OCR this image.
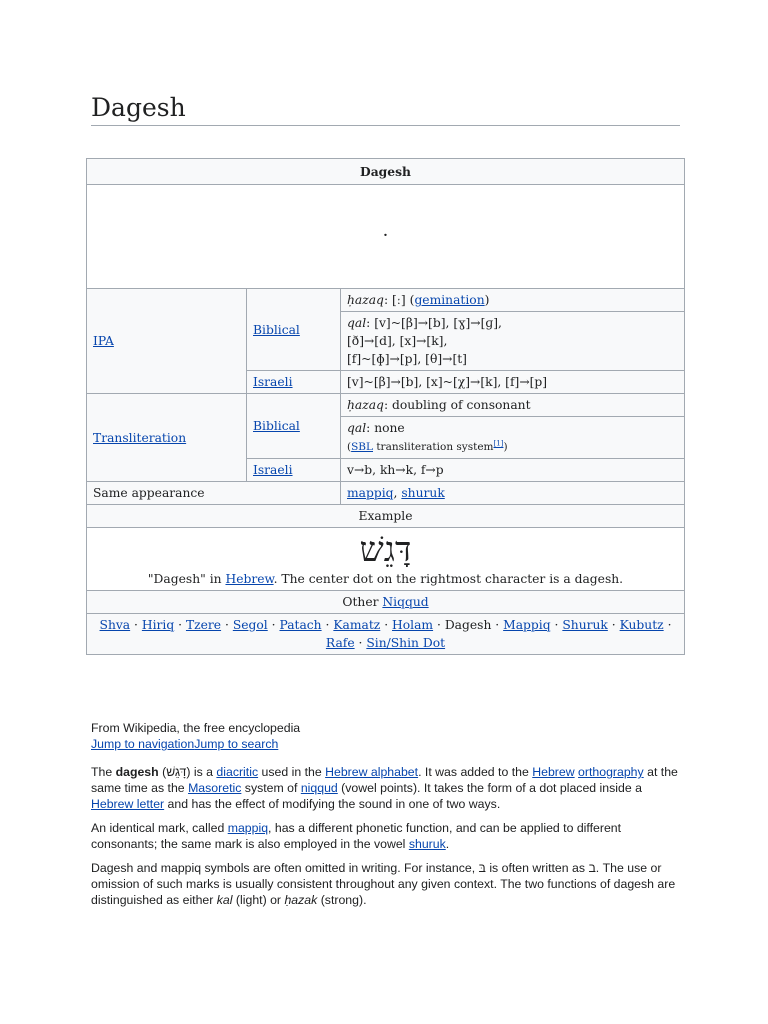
Dagesh
Dagesh		
·		
IPA	Biblical	ḥazaq: [ː] (gemination)
		qal: [v]~[β]→[b], [ɣ]→[ɡ],
[ð]→[d], [x]→[k],
[f]~[ɸ]→[p], [θ]→[t]
	Israeli	[v]~[β]→[b], [x]~[χ]→[k], [f]→[p]
Transliteration	Biblical	ḥazaq: doubling of consonant
		qal: none
(SBL transliteration system[1])
	Israeli	v→b, kh→k, f→p
Same appearance		mappiq, shuruk
Example		

דָּגֵשׁ
"Dagesh" in Hebrew. The center dot on the rightmost character is a dagesh.		

Other Niqqud		
Shva · Hiriq · Tzere · Segol · Patach · Kamatz · Holam · Dagesh · Mappiq · Shuruk · Kubutz · Rafe · Sin/Shin Dot		

From Wikipedia, the free encyclopedia

Jump to navigationJump to search

The dagesh (דָּגֵשׁ) is a diacritic used in the Hebrew alphabet. It was added to the Hebrew orthography at the same time as the Masoretic system of niqqud (vowel points). It takes the form of a dot placed inside a Hebrew letter and has the effect of modifying the sound in one of two ways.

An identical mark, called mappiq, has a different phonetic function, and can be applied to different consonants; the same mark is also employed in the vowel shuruk.

Dagesh and mappiq symbols are often omitted in writing. For instance, בּ is often written as ב. The use or omission of such marks is usually consistent throughout any given context. The two functions of dagesh are distinguished as either kal (light) or ḥazak (strong).
